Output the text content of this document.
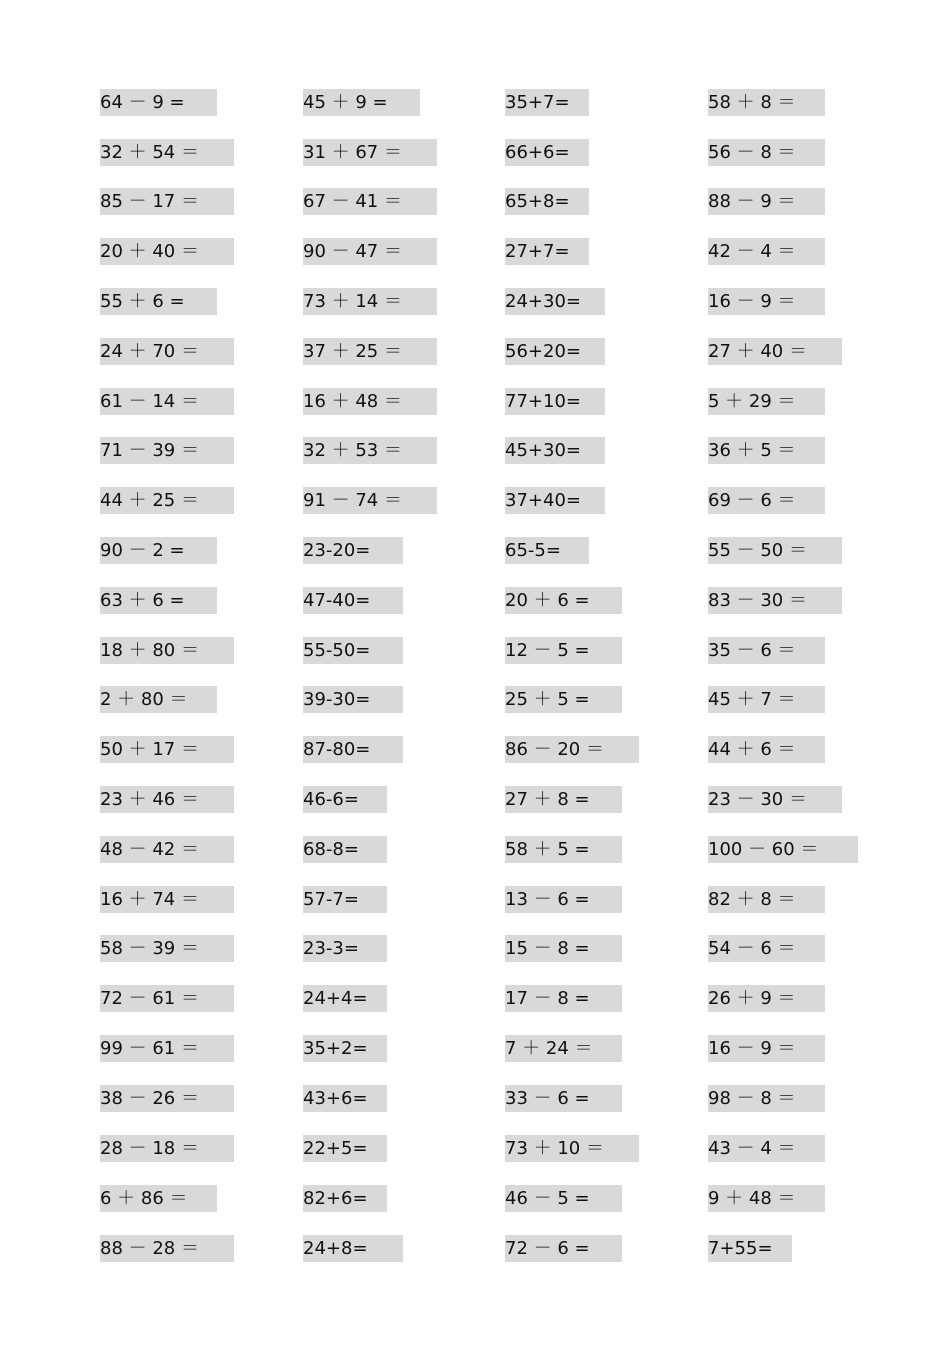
64 － 9 =
32 ＋ 54 ＝
85 － 17 ＝
20 ＋ 40 ＝
55 ＋ 6 =
24 ＋ 70 ＝
61 － 14 ＝
71 － 39 ＝
44 ＋ 25 ＝
90 － 2 =
63 ＋ 6 =
18 ＋ 80 ＝
2 ＋ 80 ＝
50 ＋ 17 ＝
23 ＋ 46 ＝
48 － 42 ＝
16 ＋ 74 ＝
58 － 39 ＝
72 － 61 ＝
99 － 61 ＝
38 － 26 ＝
28 － 18 ＝
6 ＋ 86 ＝
88 － 28 ＝
45 ＋ 9 =
31 ＋ 67 ＝
67 － 41 ＝
90 － 47 ＝
73 ＋ 14 ＝
37 ＋ 25 ＝
16 ＋ 48 ＝
32 ＋ 53 ＝
91 － 74 ＝
23-20=
47-40=
55-50=
39-30=
87-80=
46-6=
68-8=
57-7=
23-3=
24+4=
35+2=
43+6=
22+5=
82+6=
24+8=
35+7=
66+6=
65+8=
27+7=
24+30=
56+20=
77+10=
45+30=
37+40=
65-5=
20 ＋ 6 =
12 － 5 =
25 ＋ 5 =
86 － 20 ＝
27 ＋ 8 =
58 ＋ 5 =
13 － 6 =
15 － 8 =
17 － 8 =
7 ＋ 24 ＝
33 － 6 =
73 ＋ 10 ＝
46 － 5 =
72 － 6 =
58 ＋ 8 ＝
56 － 8 ＝
88 － 9 ＝
42 － 4 ＝
16 － 9 ＝
27 ＋ 40 ＝
5 ＋ 29 ＝
36 ＋ 5 ＝
69 － 6 ＝
55 － 50 ＝
83 － 30 ＝
35 － 6 ＝
45 ＋ 7 ＝
44 ＋ 6 ＝
23 － 30 ＝
100 － 60 ＝
82 ＋ 8 ＝
54 － 6 ＝
26 ＋ 9 ＝
16 － 9 ＝
98 － 8 ＝
43 － 4 ＝
9 ＋ 48 ＝
7+55=
